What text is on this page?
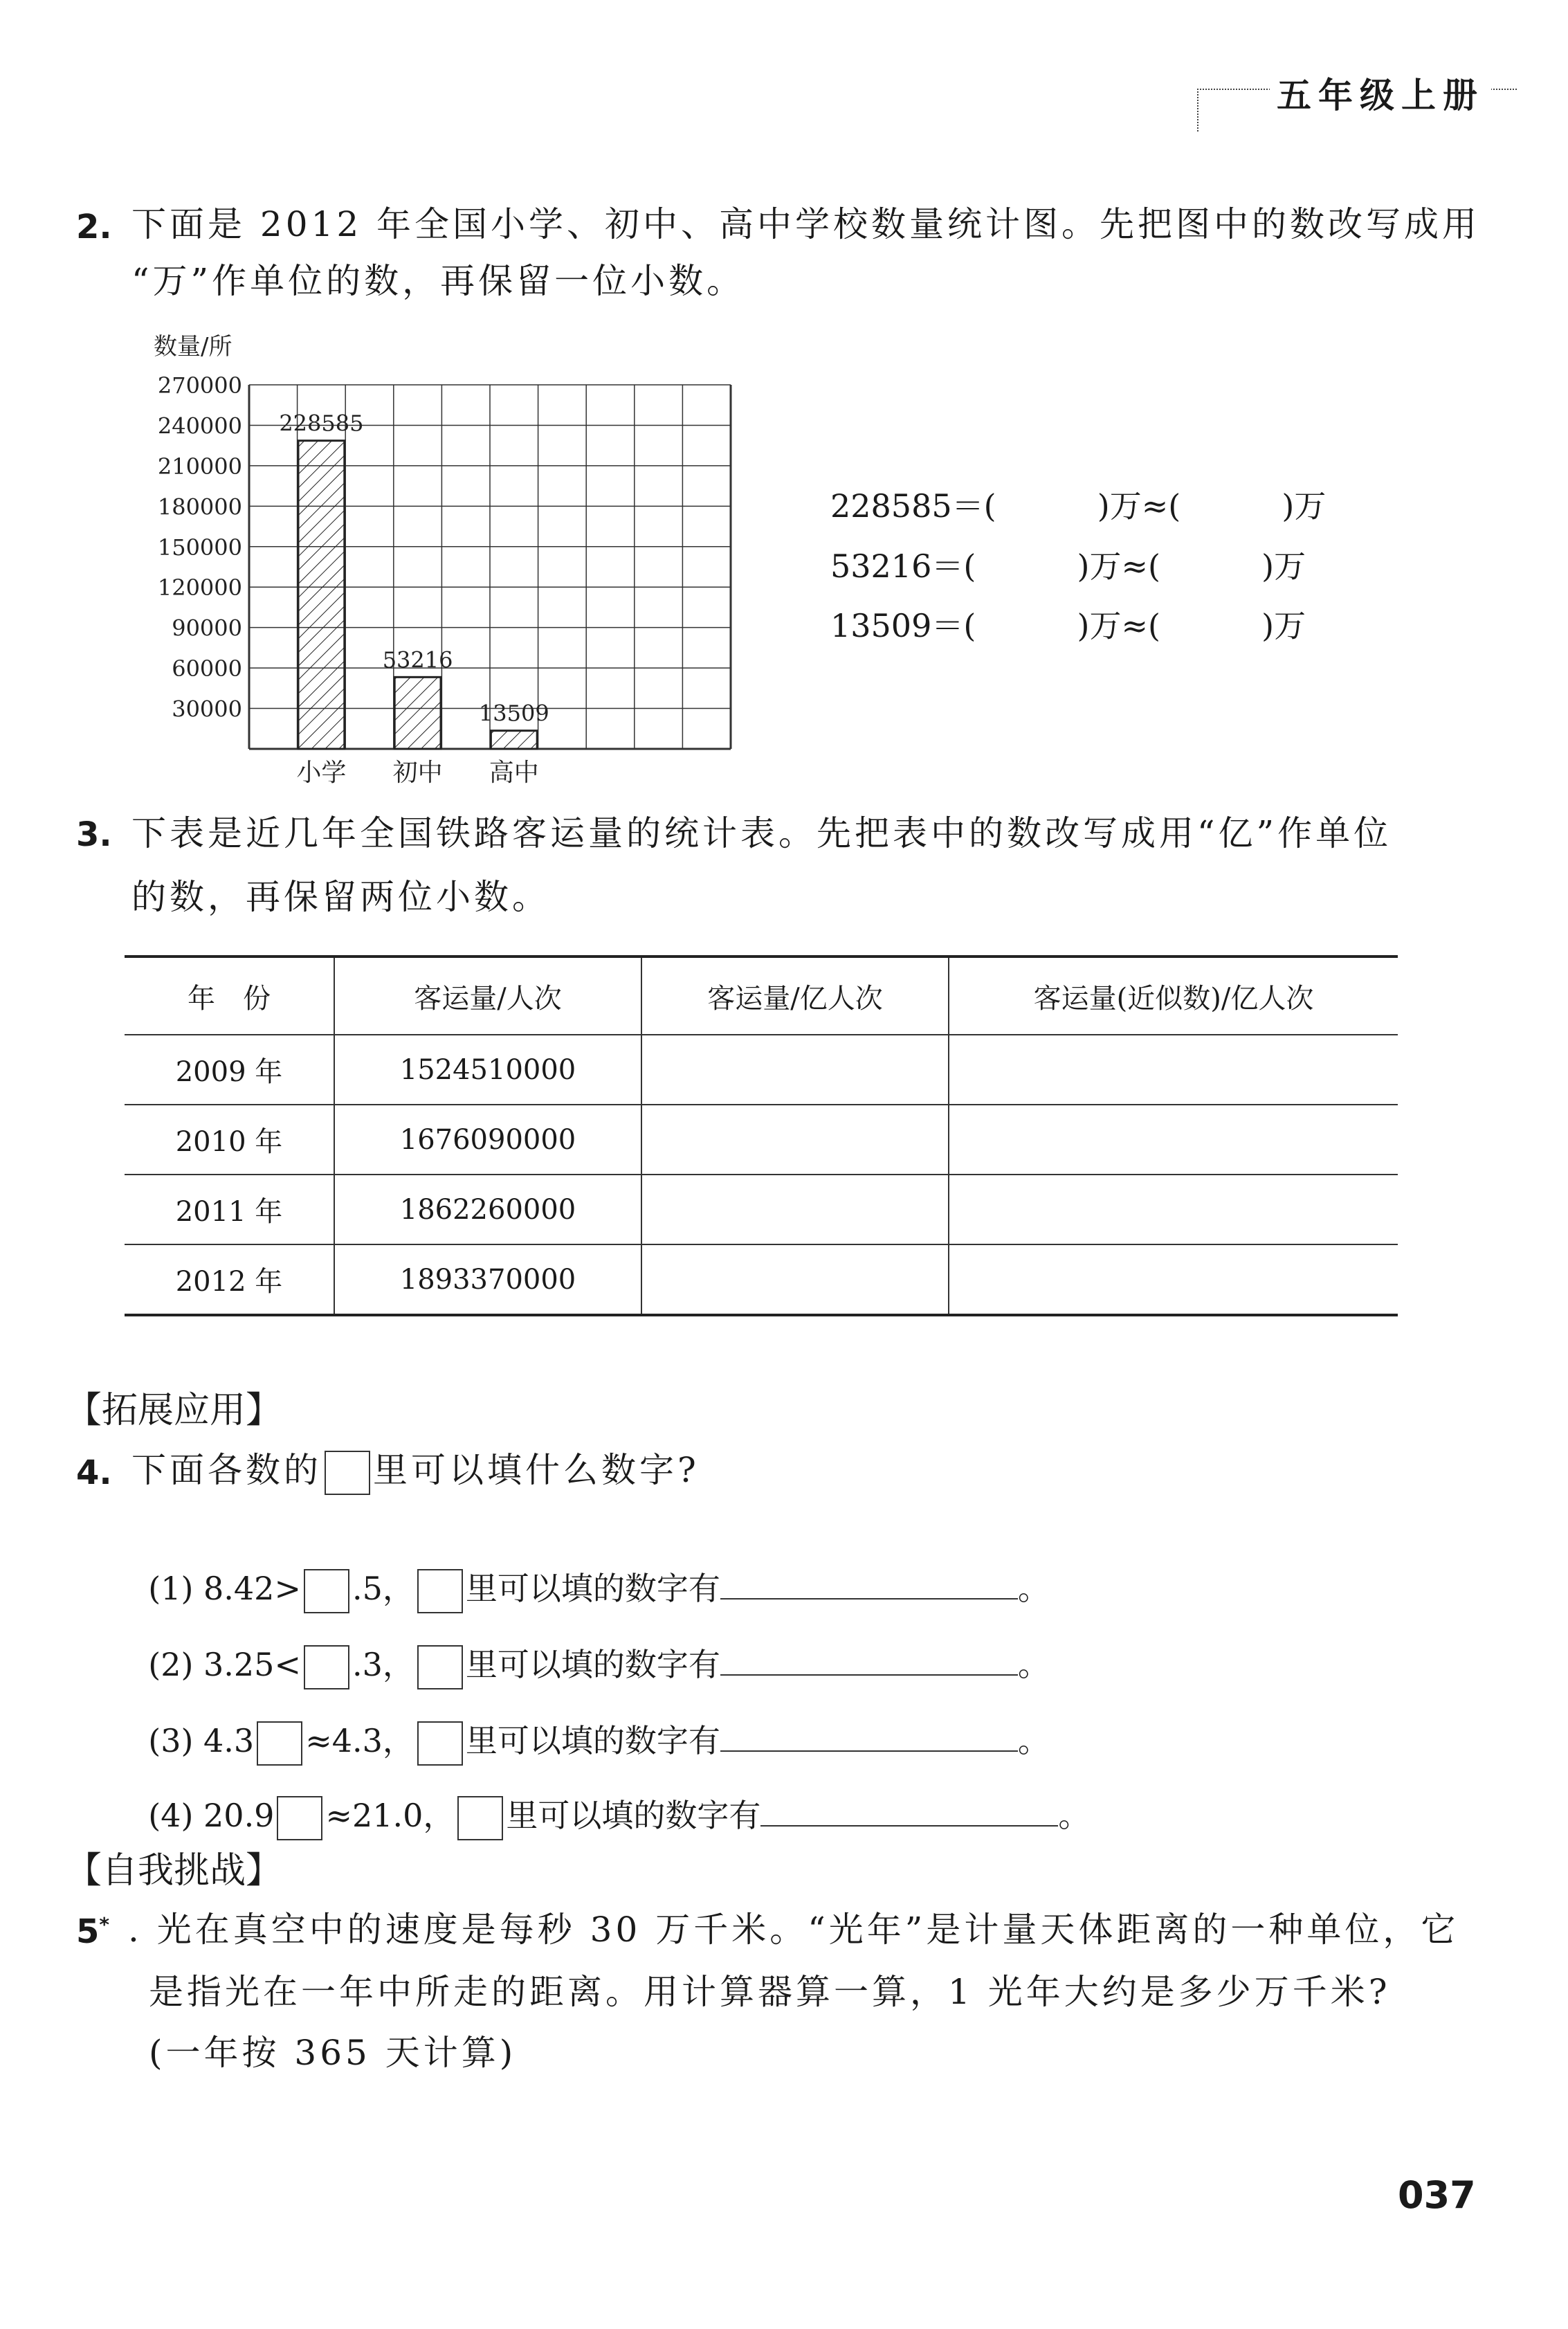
五年级上册
2. 下面是 2012 年全国小学、初中、高中学校数量统计图。先把图中的数改写成用
“万”作单位的数，再保留一位小数。
270000
240000
210000
180000
150000
120000
90000
60000
30000
228585
53216
13509
小学 初中 高中
数量/所
228585＝(          )万≈(          )万
53216＝(          )万≈(          )万
13509＝(          )万≈(          )万
3. 下表是近几年全国铁路客运量的统计表。先把表中的数改写成用“亿”作单位
的数，再保留两位小数。
年　份	客运量/人次	客运量/亿人次	客运量(近似数)/亿人次
2009 年	1524510000		
2010 年	1676090000		
2011 年	1862260000		
2012 年	1893370000		
【拓展应用】
4. 下面各数的 里可以填什么数字?

(1) 8.42> .5， 里可以填的数字有	。

(2) 3.25< .3， 里可以填的数字有	。

(3) 4.3 ≈4.3， 里可以填的数字有	。

(4) 20.9 ≈21.0， 里可以填的数字有	。

【自我挑战】
5* . 光在真空中的速度是每秒 30 万千米。“光年”是计量天体距离的一种单位，它
是指光在一年中所走的距离。用计算器算一算，1 光年大约是多少万千米?
(一年按 365 天计算)
037
